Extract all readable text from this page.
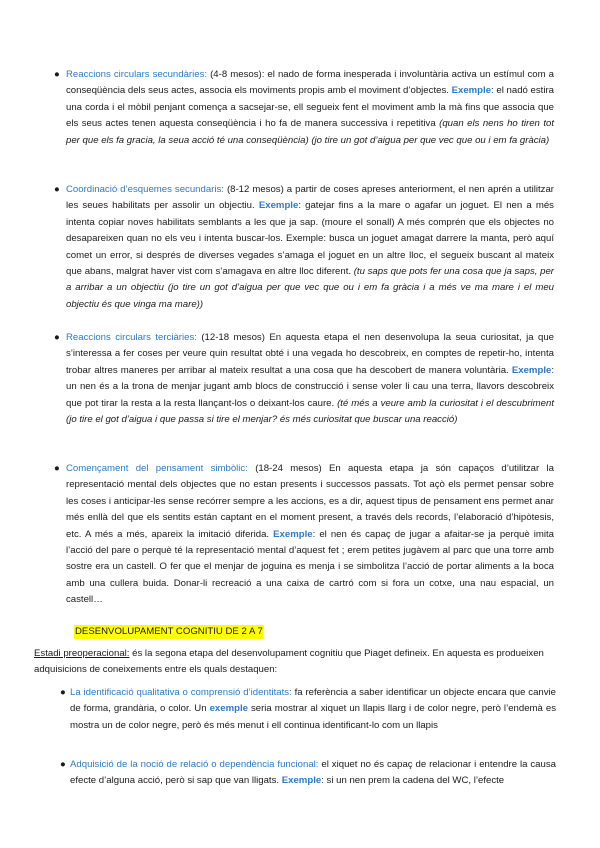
● Reaccions circulars secundàries: (4-8 mesos): el nado de forma inesperada i involuntària activa un estímul com a conseqüència dels seus actes, associa els moviments propis amb el moviment d’objectes. Exemple: el nadó estira una corda i el mòbil penjant comença a sacsejar-se, ell segueix fent el moviment amb la mà fins que associa que els seus actes tenen aquesta conseqüència i ho fa de manera successiva i repetitiva (quan els nens ho tiren tot per que els fa gracia, la seua acció té una conseqüència) (jo tire un got d’aigua per que vec que ou i em fa gràcia)
● Coordinació d’esquemes secundaris: (8-12 mesos) a partir de coses apreses anteriorment, el nen aprén a utilitzar les seues habilitats per assolir un objectiu. Exemple: gatejar fins a la mare o agafar un joguet. El nen a més intenta copiar noves habilitats semblants a les que ja sap. (moure el sonall) A més comprén que els objectes no desapareixen quan no els veu i intenta buscar-los. Exemple: busca un joguet amagat darrere la manta, però aquí comet un error, si després de diverses vegades s’amaga el joguet en un altre lloc, el segueix buscant al mateix que abans, malgrat haver vist com s’amagava en altre lloc diferent. (tu saps que pots fer una cosa que ja saps, per a arribar a un objectiu (jo tire un got d’aigua per que vec que ou i em fa gràcia i a més ve ma mare i el meu objectiu és que vinga ma mare))
● Reaccions circulars terciàries: (12-18 mesos) En aquesta etapa el nen desenvolupa la seua curiositat, ja que s’interessa a fer coses per veure quin resultat obté i una vegada ho descobreix, en comptes de repetir-ho, intenta trobar altres maneres per arribar al mateix resultat a una cosa que ha descobert de manera voluntària. Exemple: un nen és a la trona de menjar jugant amb blocs de construcció i sense voler li cau una terra, llavors descobreix que pot tirar la resta a la resta llançant-los o deixant-los caure. (té més a veure amb la curiositat i el descubriment (jo tire el got d’aigua i que passa si tire el menjar? és més curiositat que buscar una reacció)
● Començament del pensament simbòlic: (18-24 mesos) En aquesta etapa ja són capaços d’utilitzar la representació mental dels objectes que no estan presents i successos passats. Tot açò els permet pensar sobre les coses i anticipar-les sense recórrer sempre a les accions, es a dir, aquest tipus de pensament ens permet anar més enllà del que els sentits están captant en el moment present, a través dels records, l’elaboració d’hipòtesis, etc. A més a més, apareix la imitació diferida. Exemple: el nen és capaç de jugar a afaitar-se ja perquè imita l’acció del pare o perquè té la representació mental d’aquest fet ; erem petites jugàvem al parc que una torre amb sostre era un castell. O fer que el menjar de joguina es menja i se simbolitza l’acció de portar aliments a la boca amb una cullera buida. Donar-li recreació a una caixa de cartró com si fora un cotxe, una nau espacial, un castell…
DESENVOLUPAMENT COGNITIU DE 2 A 7
Estadi preoperacional: és la segona etapa del desenvolupament cognitiu que Piaget defineix. En aquesta es produeixen adquisicions de coneixements entre els quals destaquen:
● La identificació qualitativa o comprensió d’identitats: fa referència a saber identificar un objecte encara que canvie de forma, grandària, o color. Un exemple seria mostrar al xiquet un llapis llarg i de color negre, però l’endemà es mostra un de color negre, però és més menut i ell continua identificant-lo com un llapis
● Adquisició de la noció de relació o dependència funcional: el xiquet no és capaç de relacionar i entendre la causa efecte d’alguna acció, però si sap que van lligats. Exemple: si un nen prem la cadena del WC, l’efecte
